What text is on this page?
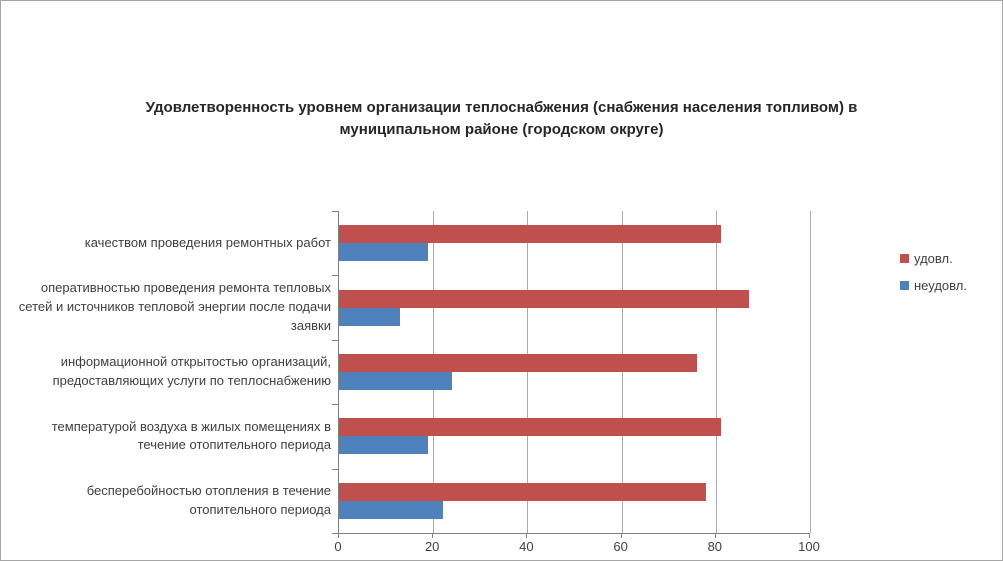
Удовлетворенность уровнем организации теплоснабжения (снабжения населения топливом) в
муниципальном районе (городском округе)
качеством проведения ремонтных работ
оперативностью проведения ремонта тепловых сетей и источников тепловой энергии после подачи заявки
информационной открытостью организаций, предоставляющих услуги по теплоснабжению
температурой воздуха в жилых помещениях в течение отопительного периода
бесперебойностью отопления в течение отопительного периода
0	20	40	60	80	100
удовл.
неудовл.
